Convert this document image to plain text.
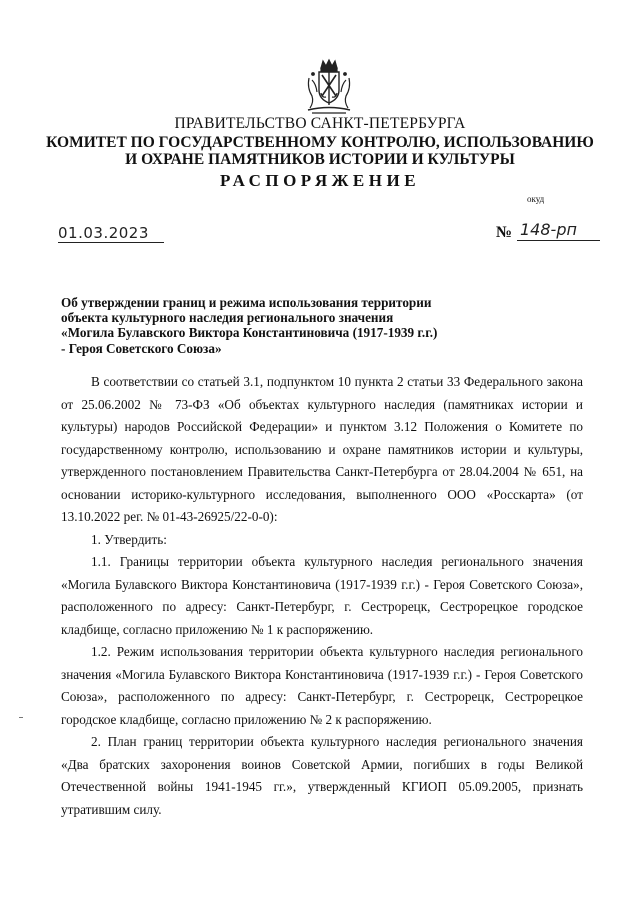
ПРАВИТЕЛЬСТВО САНКТ-ПЕТЕРБУРГА
КОМИТЕТ ПО ГОСУДАРСТВЕННОМУ КОНТРОЛЮ, ИСПОЛЬЗОВАНИЮ
И ОХРАНЕ ПАМЯТНИКОВ ИСТОРИИ И КУЛЬТУРЫ
РАСПОРЯЖЕНИЕ
окуд
01.03.2023	№ 148-рп
Об утверждении границ и режима использования территории
объекта культурного наследия регионального значения
«Могила Булавского Виктора Константиновича (1917-1939 г.г.)
- Героя Советского Союза»

В соответствии со статьей 3.1, подпунктом 10 пункта 2 статьи 33 Федерального закона от 25.06.2002 № 73-ФЗ «Об объектах культурного наследия (памятниках истории и культуры) народов Российской Федерации» и пунктом 3.12 Положения о Комитете по государственному контролю, использованию и охране памятников истории и культуры, утвержденного постановлением Правительства Санкт-Петербурга от 28.04.2004 № 651, на основании историко-культурного исследования, выполненного ООО «Росскарта» (от 13.10.2022 рег. № 01-43-26925/22-0-0):

1. Утвердить:

1.1. Границы территории объекта культурного наследия регионального значения «Могила Булавского Виктора Константиновича (1917-1939 г.г.) - Героя Советского Союза», расположенного по адресу: Санкт-Петербург, г. Сестрорецк, Сестрорецкое городское кладбище, согласно приложению № 1 к распоряжению.

1.2. Режим использования территории объекта культурного наследия регионального значения «Могила Булавского Виктора Константиновича (1917-1939 г.г.) - Героя Советского Союза», расположенного по адресу: Санкт-Петербург, г. Сестрорецк, Сестрорецкое городское кладбище, согласно приложению № 2 к распоряжению.

2. План границ территории объекта культурного наследия регионального значения «Два братских захоронения воинов Советской Армии, погибших в годы Великой Отечественной войны 1941-1945 гг.», утвержденный КГИОП 05.09.2005, признать утратившим силу.
